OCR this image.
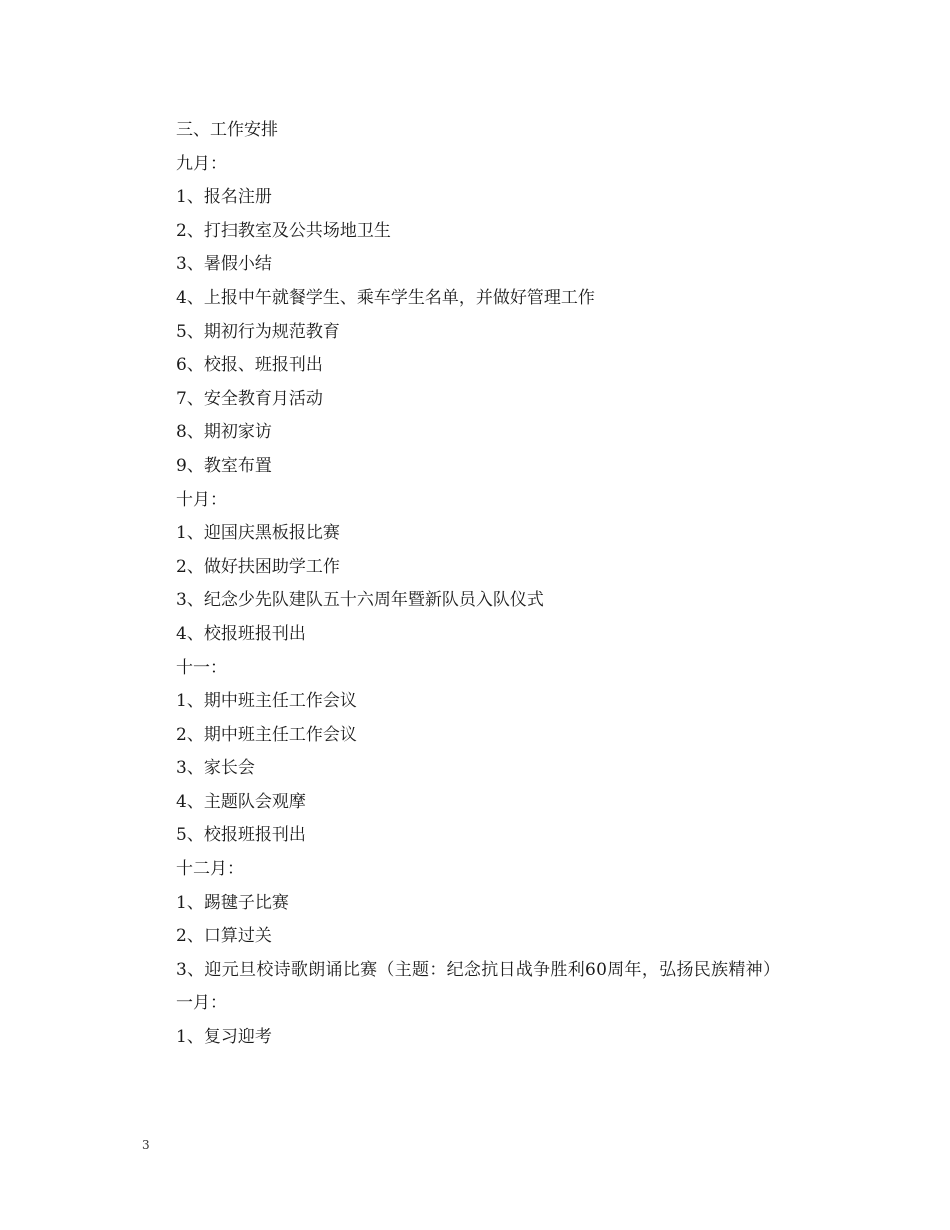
三、工作安排
九月：
1、报名注册
2、打扫教室及公共场地卫生
3、暑假小结
4、上报中午就餐学生、乘车学生名单，并做好管理工作
5、期初行为规范教育
6、校报、班报刊出
7、安全教育月活动
8、期初家访
9、教室布置
十月：
1、迎国庆黑板报比赛
2、做好扶困助学工作
3、纪念少先队建队五十六周年暨新队员入队仪式
4、校报班报刊出
十一：
1、期中班主任工作会议
2、期中班主任工作会议
3、家长会
4、主题队会观摩
5、校报班报刊出
十二月：
1、踢毽子比赛
2、口算过关
3、迎元旦校诗歌朗诵比赛（主题：纪念抗日战争胜利60周年，弘扬民族精神）
一月：
1、复习迎考
3
